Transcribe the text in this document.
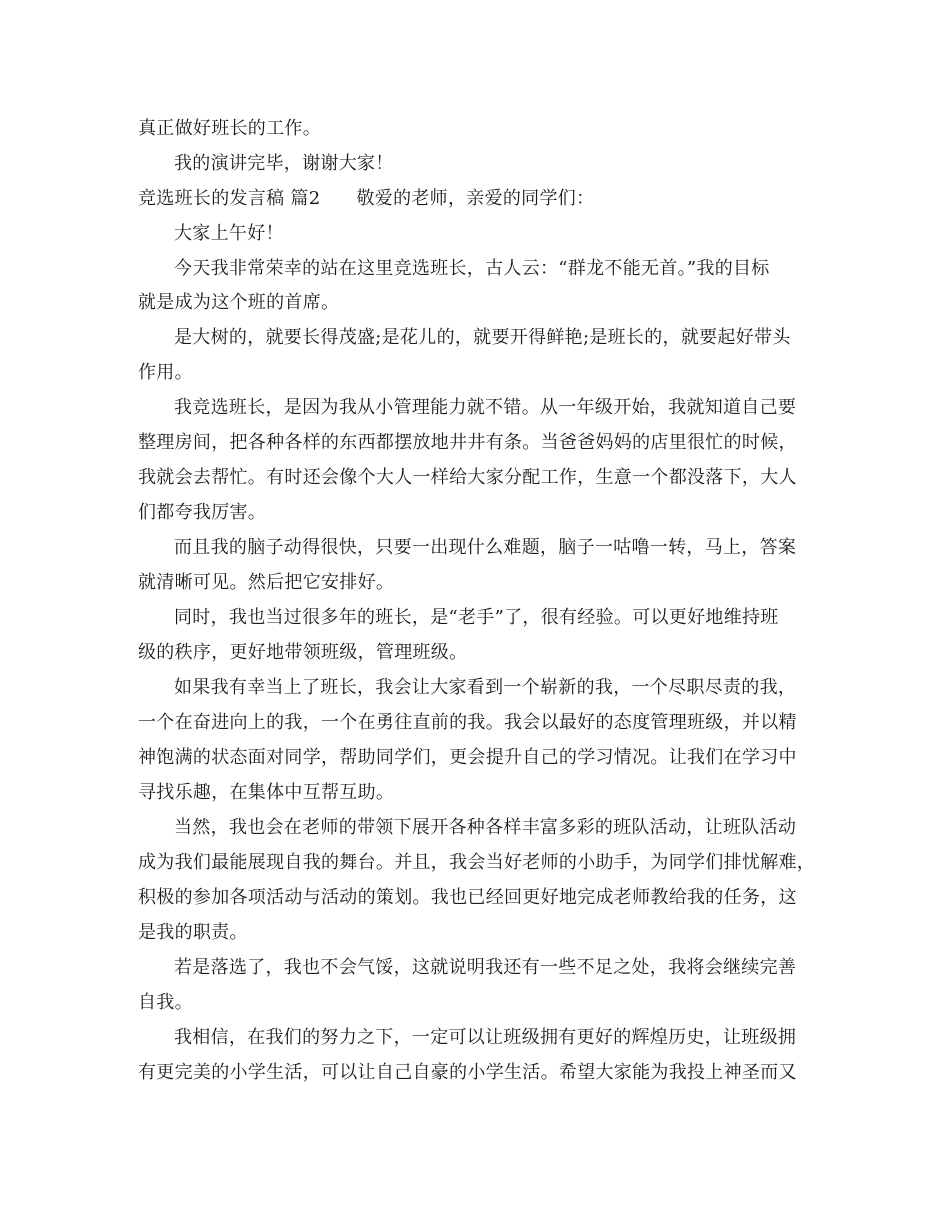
真正做好班长的工作。
我的演讲完毕，谢谢大家！
竞选班长的发言稿 篇2 敬爱的老师，亲爱的同学们：
大家上午好！
今天我非常荣幸的站在这里竞选班长，古人云：“群龙不能无首。”我的目标
就是成为这个班的首席。
是大树的，就要长得茂盛;是花儿的，就要开得鲜艳;是班长的，就要起好带头
作用。
我竞选班长，是因为我从小管理能力就不错。从一年级开始，我就知道自己要
整理房间，把各种各样的东西都摆放地井井有条。当爸爸妈妈的店里很忙的时候，
我就会去帮忙。有时还会像个大人一样给大家分配工作，生意一个都没落下，大人
们都夸我厉害。
而且我的脑子动得很快，只要一出现什么难题，脑子一咕噜一转，马上，答案
就清晰可见。然后把它安排好。
同时，我也当过很多年的班长，是“老手”了，很有经验。可以更好地维持班
级的秩序，更好地带领班级，管理班级。
如果我有幸当上了班长，我会让大家看到一个崭新的我，一个尽职尽责的我，
一个在奋进向上的我，一个在勇往直前的我。我会以最好的态度管理班级，并以精
神饱满的状态面对同学，帮助同学们，更会提升自己的学习情况。让我们在学习中
寻找乐趣，在集体中互帮互助。
当然，我也会在老师的带领下展开各种各样丰富多彩的班队活动，让班队活动
成为我们最能展现自我的舞台。并且，我会当好老师的小助手，为同学们排忧解难，
积极的参加各项活动与活动的策划。我也已经回更好地完成老师教给我的任务，这
是我的职责。
若是落选了，我也不会气馁，这就说明我还有一些不足之处，我将会继续完善
自我。
我相信，在我们的努力之下，一定可以让班级拥有更好的辉煌历史，让班级拥
有更完美的小学生活，可以让自己自豪的小学生活。希望大家能为我投上神圣而又
